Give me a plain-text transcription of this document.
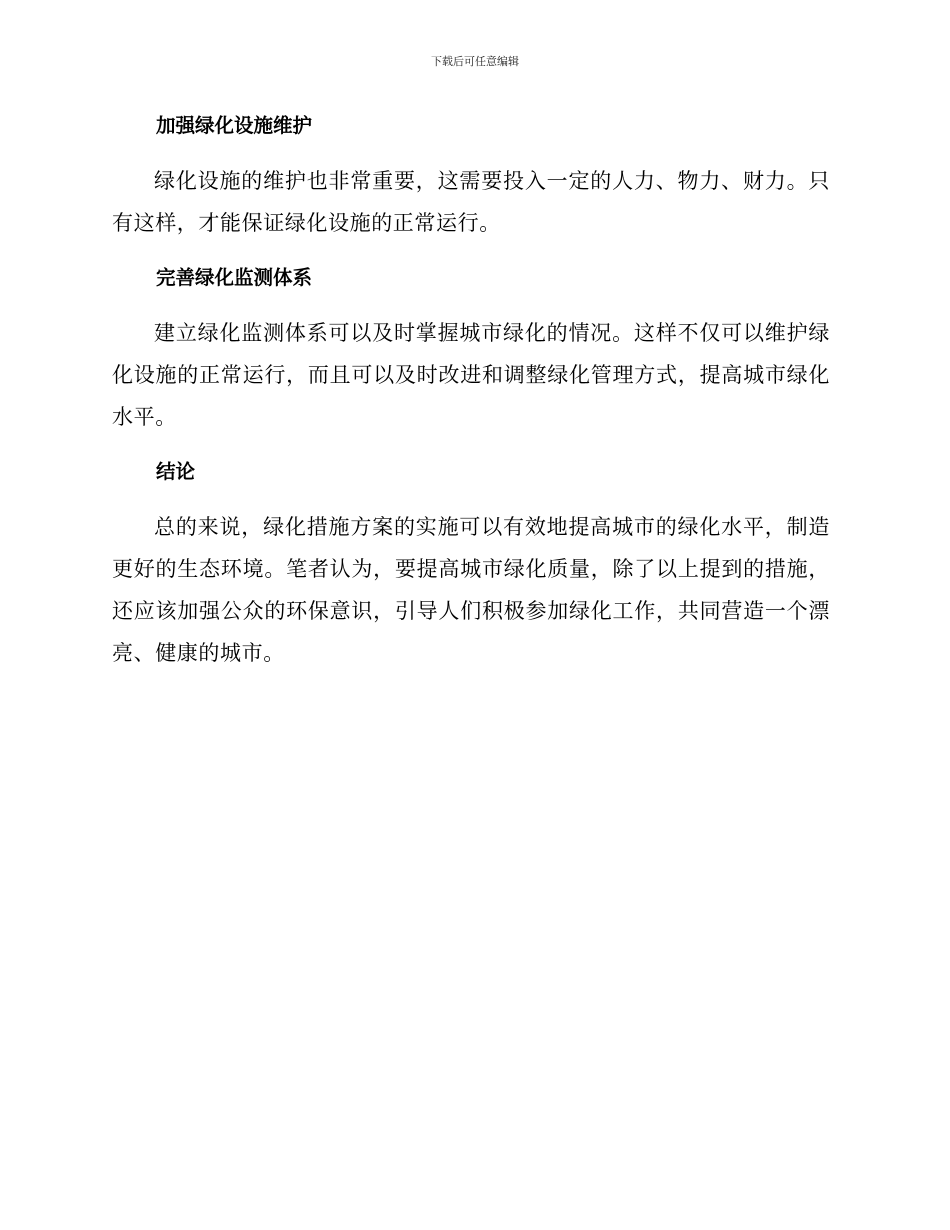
下载后可任意编辑
加强绿化设施维护

绿化设施的维护也非常重要，这需要投入一定的人力、物力、财力。只有这样，才能保证绿化设施的正常运行。

完善绿化监测体系

建立绿化监测体系可以及时掌握城市绿化的情况。这样不仅可以维护绿化设施的正常运行，而且可以及时改进和调整绿化管理方式，提高城市绿化水平。

结论

总的来说，绿化措施方案的实施可以有效地提高城市的绿化水平，制造更好的生态环境。笔者认为，要提高城市绿化质量，除了以上提到的措施，还应该加强公众的环保意识，引导人们积极参加绿化工作，共同营造一个漂亮、健康的城市。
